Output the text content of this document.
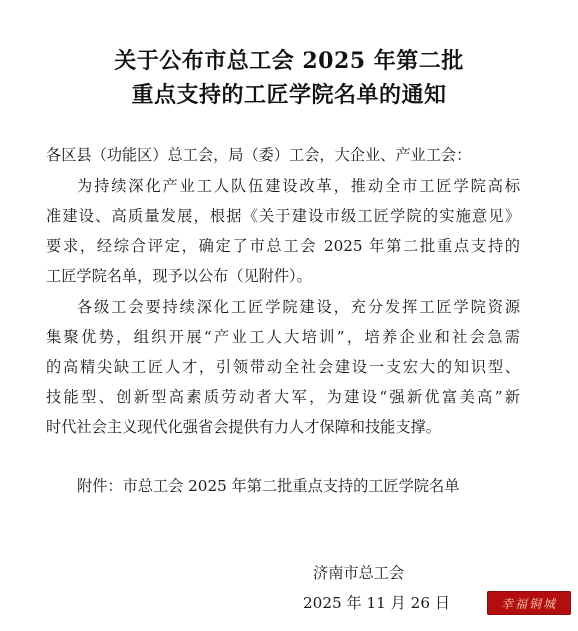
关于公布市总工会 2025 年第二批
重点支持的工匠学院名单的通知
各区县（功能区）总工会，局（委）工会，大企业、产业工会：
为持续深化产业工人队伍建设改革，推动全市工匠学院高标
准建设、高质量发展，根据《关于建设市级工匠学院的实施意见》
要求，经综合评定，确定了市总工会 2025 年第二批重点支持的
工匠学院名单，现予以公布（见附件）。
各级工会要持续深化工匠学院建设，充分发挥工匠学院资源
集聚优势，组织开展“产业工人大培训”，培养企业和社会急需
的高精尖缺工匠人才，引领带动全社会建设一支宏大的知识型、
技能型、创新型高素质劳动者大军，为建设“强新优富美高”新
时代社会主义现代化强省会提供有力人才保障和技能支撑。
附件：市总工会 2025 年第二批重点支持的工匠学院名单
济南市总工会
2025 年 11 月 26 日	幸福铜城
